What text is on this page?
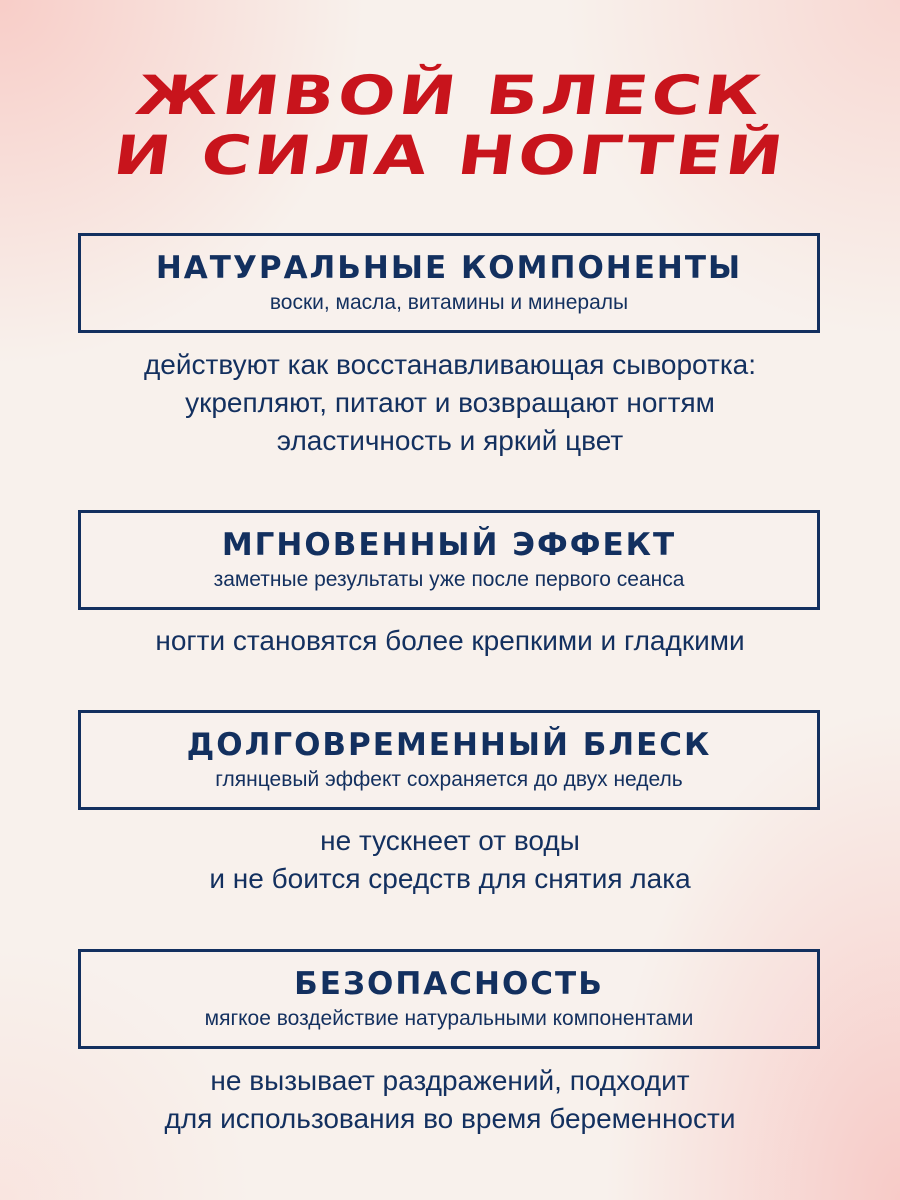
ЖИВОЙ БЛЕСК
И СИЛА НОГТЕЙ
НАТУРАЛЬНЫЕ КОМПОНЕНТЫ
воски, масла, витамины и минералы
действуют как восстанавливающая сыворотка:
укрепляют, питают и возвращают ногтям
эластичность и яркий цвет
МГНОВЕННЫЙ ЭФФЕКТ
заметные результаты уже после первого сеанса
ногти становятся более крепкими и гладкими
ДОЛГОВРЕМЕННЫЙ БЛЕСК
глянцевый эффект сохраняется до двух недель
не тускнеет от воды
и не боится средств для снятия лака
БЕЗОПАСНОСТЬ
мягкое воздействие натуральными компонентами
не вызывает раздражений, подходит
для использования во время беременности
